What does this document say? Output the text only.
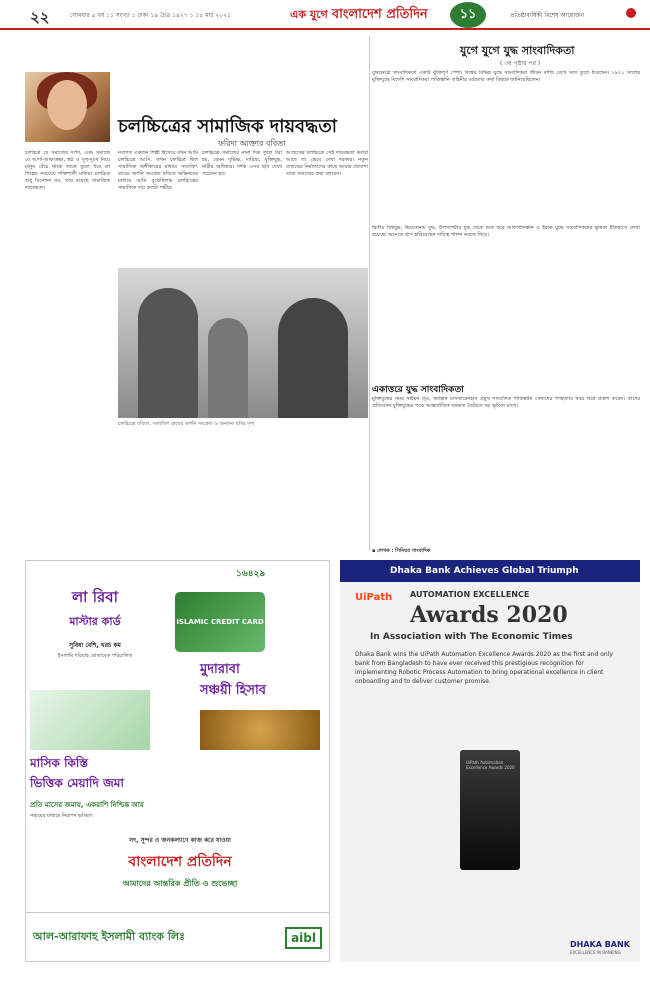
২২	সোমবার ৪ বর্ষ ১১ সংখ্যা ১ ঢাকা ১৯ চৈত্র ১৪২৭ ১ ১৫ মার্চ ২০২১	এক যুগে বাংলাদেশ প্রতিদিন	১১	প্রতিষ্ঠাবার্ষিকী বিশেষ আয়োজন
চলচ্চিত্রের সামাজিক দায়বদ্ধতা
ফরিদা আক্তার ববিতা

চলচ্চিত্র যে সমাজের দর্পণ, এবং সমাজে যে আশা-আকাঙ্ক্ষা, স্বপ্ন ও সুখ-দুঃখ নিয়ে মানুষ বেঁচে থাকে তাকে তুলে ধরে তা শিল্পের সবচেয়ে শক্তিশালী মাধ্যম। চলচ্চিত্র শুধু বিনোদন নয়, তার রয়েছে সামাজিক দায়বদ্ধতা।

নবাগত একজন শিল্পী হিসেবে যখন আমি চলচ্চিত্রে আসি, তখন চলচ্চিত্র ছিল সামাজিক অঙ্গীকারের মাধ্যম। সত্যজিৎ রায়ের অশনি সংকেত ছবিতে অভিনয়ের মাধ্যমে আমি বুঝেছিলাম চলচ্চিত্রের সামাজিক দায় কতটা গভীর।

চলচ্চিত্রে সমাজের নানা দিক তুলে ধরা হয়, যেমন দুর্ভিক্ষ, দারিদ্র্য, মুক্তিযুদ্ধ, নারীর অধিকার। দর্শক এসব ছবি দেখে সচেতন হয়।

আজকের চলচ্চিত্রে সেই দায়বদ্ধতা কতটা আছে তা ভেবে দেখা দরকার। নতুন প্রজন্মের নির্মাতাদের কাছে আমার প্রত্যাশা তারা সমাজের কথা বলবেন।

চলচ্চিত্রে ববিতা, সত্যজিৎ রায়ের অশনি সংকেত ও অন্যান্য ছবির দৃশ্য
যুগে যুগে যুদ্ধ সাংবাদিকতা
( ৩য় পৃষ্ঠার পর )

যুদ্ধক্ষেত্রে সাংবাদিকতা একটি ঝুঁকিপূর্ণ পেশা। বিশ্বের বিভিন্ন যুদ্ধে সাংবাদিকরা জীবন বাজি রেখে সত্য তুলে ধরেছেন। ১৯৭১ সালের মুক্তিযুদ্ধে বিদেশি সাংবাদিকরা পাকিস্তানি বাহিনীর বর্বরতার কথা বিশ্বকে জানিয়েছিলেন।

দ্বিতীয় বিশ্বযুদ্ধ, ভিয়েতনাম যুদ্ধ, উপসাগরীয় যুদ্ধ থেকে শুরু করে আফগানিস্তান ও ইরাক যুদ্ধে সাংবাদিকদের ভূমিকা ইতিহাসে লেখা রয়েছে। অনেকে প্রাণ হারিয়েছেন দায়িত্ব পালন করতে গিয়ে।

একাত্তরে যুদ্ধ সাংবাদিকতা

মুক্তিযুদ্ধের সময় সাইমন ড্রিং, অ্যান্থনি মাসকারেনহাস প্রমুখ সাংবাদিক পাকিস্তানি সেনাদের গণহত্যার খবর বিশ্বে প্রকাশ করেন। তাদের প্রতিবেদন মুক্তিযুদ্ধের পক্ষে আন্তর্জাতিক জনমত তৈরিতে বড় ভূমিকা রাখে।

▪ লেখক : সিনিয়র সাংবাদিক
১৬৪২৯
লা রিবা
মাস্টার কার্ড
সুবিধা বেশি, খরচ কম
ইসলামি শরিয়াহ মোতাবেক পরিচালিত
ISLAMIC CREDIT CARD
মুদারাবা
সঞ্চয়ী হিসাব
মাসিক কিস্তি
ভিত্তিক মেয়াদি জমা
প্রতি মাসের জমায়, একরাশি নিশ্চিন্ত আয়
সঞ্চয়ের মাধ্যমে নিরাপদ ভবিষ্যৎ
সৎ, সুন্দর ও জনকল্যাণে কাজ করে যাওয়া
বাংলাদেশ প্রতিদিন
আমাদের আন্তরিক প্রীতি ও শুভেচ্ছা
আল-আরাফাহ ইসলামী ব্যাংক লিঃ	aibl
Dhaka Bank Achieves Global Triumph
UiPath AUTOMATION EXCELLENCE
Awards 2020
In Association with The Economic Times
Dhaka Bank wins the UiPath Automation Excellence Awards 2020 as the first and only bank from Bangladesh to have ever received this prestigious recognition for implementing Robotic Process Automation to bring operational excellence in client onboarding and to deliver customer promise.
UiPath Automation Excellence Awards 2020
DHAKA BANK
EXCELLENCE IN BANKING
